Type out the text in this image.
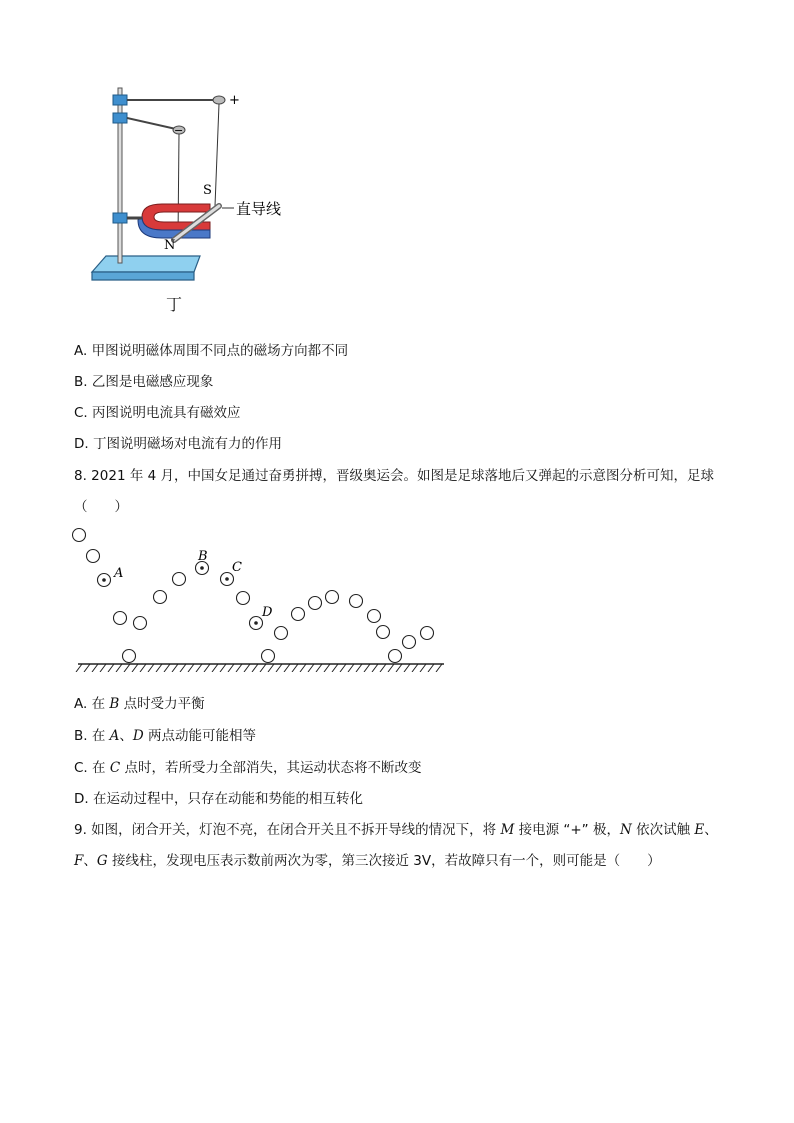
+
−
S
N
直导线
丁
A. 甲图说明磁体周围不同点的磁场方向都不同
B. 乙图是电磁感应现象
C. 丙图说明电流具有磁效应
D. 丁图说明磁场对电流有力的作用
8. 2021 年 4 月，中国女足通过奋勇拼搏，晋级奥运会。如图是足球落地后又弹起的示意图分析可知，足球
（　　）
A
B
C
D
A. 在 B 点时受力平衡
B. 在 A、D 两点动能可能相等
C. 在 C 点时，若所受力全部消失，其运动状态将不断改变
D. 在运动过程中，只存在动能和势能的相互转化
9. 如图，闭合开关，灯泡不亮，在闭合开关且不拆开导线的情况下，将 M 接电源 “+” 极，N 依次试触 E、
F、G 接线柱，发现电压表示数前两次为零，第三次接近 3V，若故障只有一个，则可能是（　　）
